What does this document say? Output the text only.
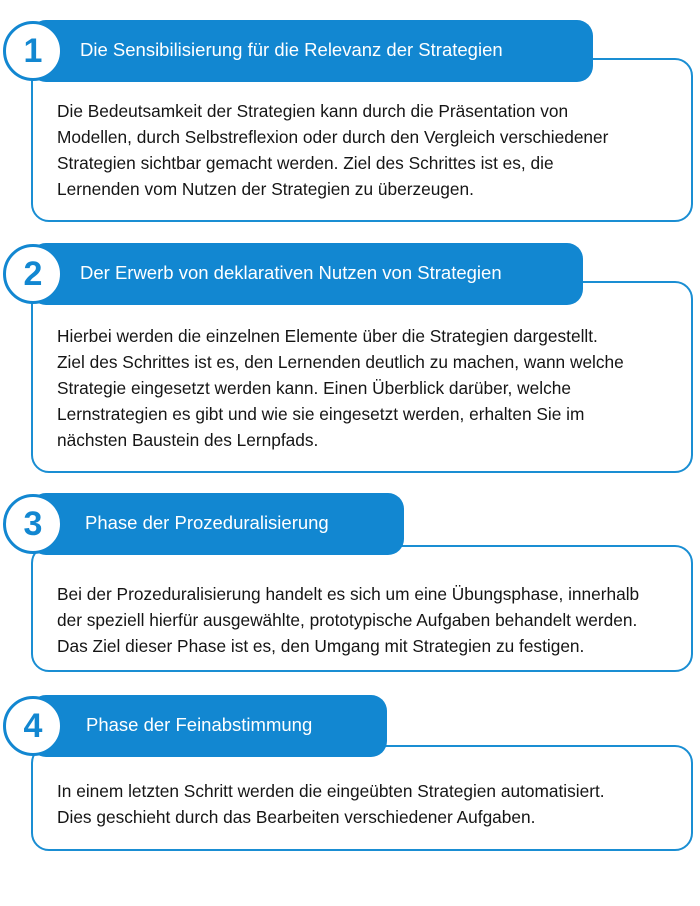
Die Bedeutsamkeit der Strategien kann durch die Präsentation von
Modellen, durch Selbstreflexion oder durch den Vergleich verschiedener
Strategien sichtbar gemacht werden. Ziel des Schrittes ist es, die
Lernenden vom Nutzen der Strategien zu überzeugen.
Die Sensibilisierung für die Relevanz der Strategien
1
Hierbei werden die einzelnen Elemente über die Strategien dargestellt.
Ziel des Schrittes ist es, den Lernenden deutlich zu machen, wann welche
Strategie eingesetzt werden kann. Einen Überblick darüber, welche
Lernstrategien es gibt und wie sie eingesetzt werden, erhalten Sie im
nächsten Baustein des Lernpfads.
Der Erwerb von deklarativen Nutzen von Strategien
2
Bei der Prozeduralisierung handelt es sich um eine Übungsphase, innerhalb
der speziell hierfür ausgewählte, prototypische Aufgaben behandelt werden.
Das Ziel dieser Phase ist es, den Umgang mit Strategien zu festigen.
Phase der Prozeduralisierung
3
In einem letzten Schritt werden die eingeübten Strategien automatisiert.
Dies geschieht durch das Bearbeiten verschiedener Aufgaben.
Phase der Feinabstimmung
4
